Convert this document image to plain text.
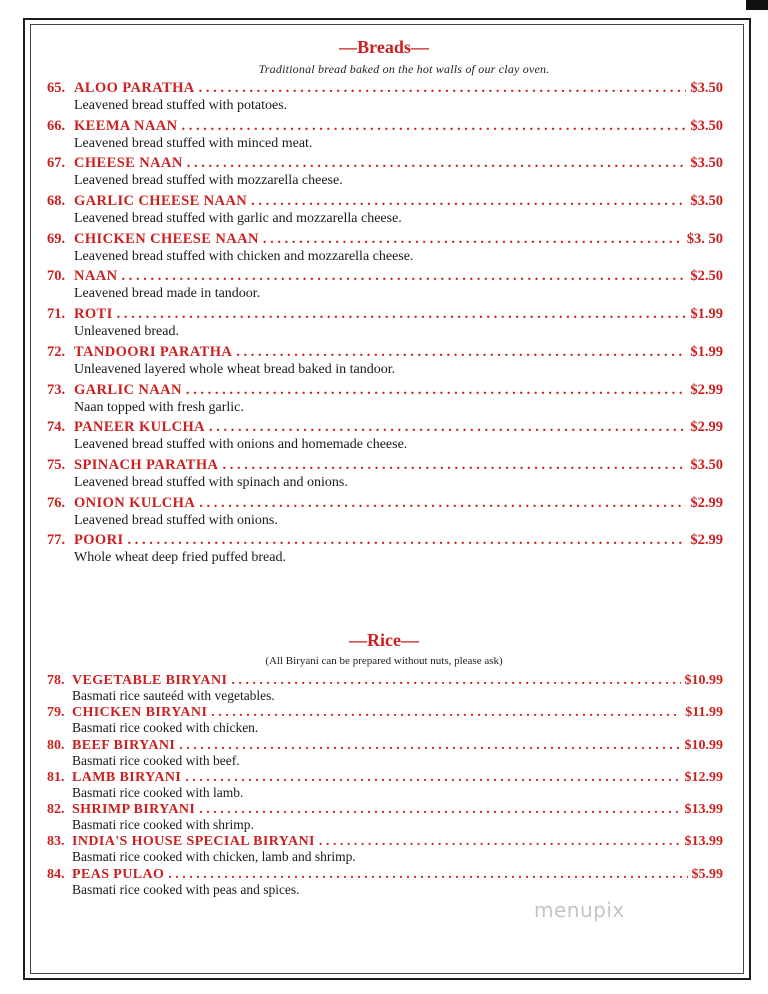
—Breads—
Traditional bread baked on the hot walls of our clay oven.
65. ALOO PARATHA . . .	$3.50
Leavened bread stuffed with potatoes.
66. KEEMA NAAN . . .	$3.50
Leavened bread stuffed with minced meat.
67. CHEESE NAAN . . .	$3.50
Leavened bread stuffed with mozzarella cheese.
68. GARLIC CHEESE NAAN . . .	$3.50
Leavened bread stuffed with garlic and mozzarella cheese.
69. CHICKEN CHEESE NAAN . . .	$3. 50
Leavened bread stuffed with chicken and mozzarella cheese.
70. NAAN . . .	$2.50
Leavened bread made in tandoor.
71. ROTI . . .	$1.99
Unleavened bread.
72. TANDOORI PARATHA . . .	$1.99
Unleavened layered whole wheat bread baked in tandoor.
73. GARLIC NAAN . . .	$2.99
Naan topped with fresh garlic.
74. PANEER KULCHA . . .	$2.99
Leavened bread stuffed with onions and homemade cheese.
75. SPINACH PARATHA . . .	$3.50
Leavened bread stuffed with spinach and onions.
76. ONION KULCHA . . .	$2.99
Leavened bread stuffed with onions.
77. POORI . . .	$2.99
Whole wheat deep fried puffed bread.
—Rice—
(All Biryani can be prepared without nuts, please ask)
78. VEGETABLE BIRYANI . . .	$10.99
Basmati rice sauteéd with vegetables.
79. CHICKEN BIRYANI . . .	$11.99
Basmati rice cooked with chicken.
80. BEEF BIRYANI . . .	$10.99
Basmati rice cooked with beef.
81. LAMB BIRYANI . . .	$12.99
Basmati rice cooked with lamb.
82. SHRIMP BIRYANI . . .	$13.99
Basmati rice cooked with shrimp.
83. INDIA'S HOUSE SPECIAL BIRYANI . . .	$13.99
Basmati rice cooked with chicken, lamb and shrimp.
84. PEAS PULAO . . .	$5.99
Basmati rice cooked with peas and spices.
menupix
